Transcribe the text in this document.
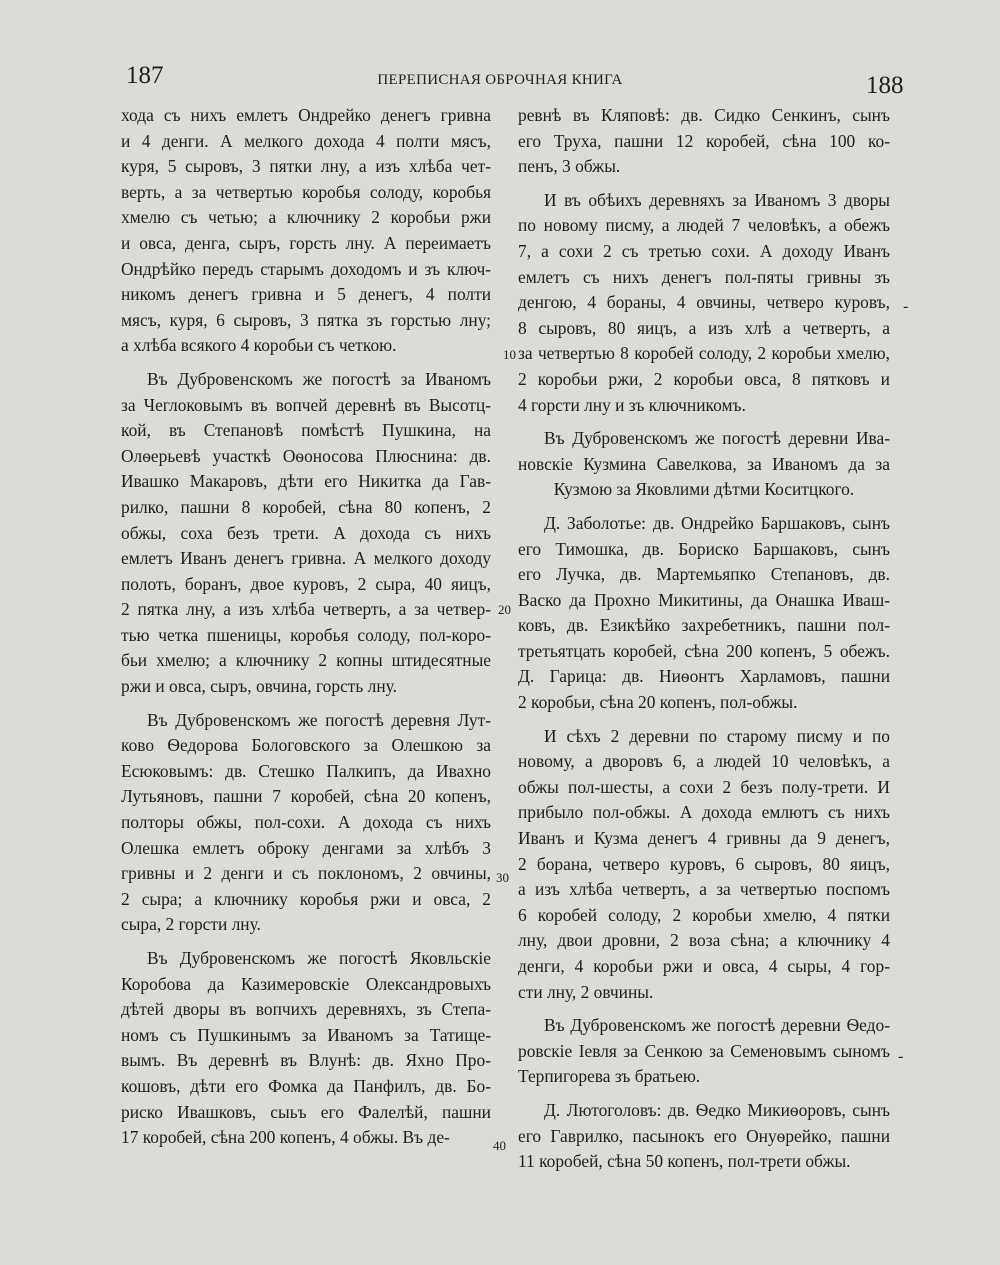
187	ПЕРЕПИСНАЯ ОБРОЧНАЯ КНИГА	188
хода съ нихъ емлетъ Ондрейко денегъ гривна
и 4 денги. А мелкого дохода 4 полти мясъ,
куря, 5 сыровъ, 3 пятки лну, а изъ хлѣба чет-
верть, а за четвертью коробья солоду, коробья
хмелю съ четью; а ключнику 2 коробьи ржи
и овса, денга, сыръ, горсть лну. А переимаетъ
Ондрѣйко передъ старымъ доходомъ и зъ ключ-
никомъ денегъ гривна и 5 денегъ, 4 полти
мясъ, куря, 6 сыровъ, 3 пятка зъ горстью лну;
а хлѣба всякого 4 коробьи съ четкою.
Въ Дубровенскомъ же погостѣ за Иваномъ
за Чеглоковымъ въ вопчей деревнѣ въ Высотц-
кой, въ Степановѣ помѣстѣ Пушкина, на
Олѳерьевѣ участкѣ Оѳоносова Плюснина: дв.
Ивашко Макаровъ, дѣти его Никитка да Гав-
рилко, пашни 8 коробей, сѣна 80 копенъ, 2
обжы, соха безъ трети. А дохода съ нихъ
емлетъ Иванъ денегъ гривна. А мелкого доходу
полоть, боранъ, двое куровъ, 2 сыра, 40 яицъ,
2 пятка лну, а изъ хлѣба четверть, а за четвер-
тью четка пшеницы, коробья солоду, пол-коро-
бьи хмелю; а ключнику 2 копны штидесятные
ржи и овса, сыръ, овчина, горсть лну.
Въ Дубровенскомъ же погостѣ деревня Лут-
ково Ѳедорова Бологовского за Олешкою за
Есюковымъ: дв. Стешко Палкипъ, да Ивахно
Лутьяновъ, пашни 7 коробей, сѣна 20 копенъ,
полторы обжы, пол-сохи. А дохода съ нихъ
Олешка емлетъ оброку денгами за хлѣбъ 3
гривны и 2 денги и съ поклономъ, 2 овчины,
2 сыра; а ключнику коробья ржи и овса, 2
сыра, 2 горсти лну.
Въ Дубровенскомъ же погостѣ Яковльскіе
Коробова да Казимеровскіе Олександровыхъ
дѣтей дворы въ вопчихъ деревняхъ, зъ Степа-
номъ съ Пушкинымъ за Иваномъ за Татище-
вымъ. Въ деревнѣ въ Влунѣ: дв. Яхно Про-
кошовъ, дѣти его Фомка да Панфилъ, дв. Бо-
риско Ивашковъ, сыьъ его Фалелѣй, пашни
17 коробей, сѣна 200 копенъ, 4 обжы. Въ де-
ревнѣ въ Кляповѣ: дв. Сидко Сенкинъ, сынъ
его Труха, пашни 12 коробей, сѣна 100 ко-
пенъ, 3 обжы.
И въ обѣихъ деревняхъ за Иваномъ 3 дворы
по новому писму, а людей 7 человѣкъ, а обежъ
7, а сохи 2 съ третью сохи. А доходу Иванъ
емлетъ съ нихъ денегъ пол-пяты гривны зъ
денгою, 4 бораны, 4 овчины, четверо куровъ,
8 сыровъ, 80 яицъ, а изъ хлѣ а четверть, а
за четвертью 8 коробей солоду, 2 коробьи хмелю,
2 коробьи ржи, 2 коробьи овса, 8 пятковъ и
4 горсти лну и зъ ключникомъ.
Въ Дубровенскомъ же погостѣ деревни Ива-
новскіе Кузмина Савелкова, за Иваномъ да за
Кузмою за Яковлими дѣтми Коситцкого.
Д. Заболотье: дв. Ондрейко Баршаковъ, сынъ
его Тимошка, дв. Бориско Баршаковъ, сынъ
его Лучка, дв. Мартемьяпко Степановъ, дв.
Васко да Прохно Микитины, да Онашка Иваш-
ковъ, дв. Езикѣйко захребетникъ, пашни пол-
третьятцать коробей, сѣна 200 копенъ, 5 обежъ.
Д. Гарица: дв. Ниѳонтъ Харламовъ, пашни
2 коробьи, сѣна 20 копенъ, пол-обжы.
И сѣхъ 2 деревни по старому писму и по
новому, а дворовъ 6, а людей 10 человѣкъ, а
обжы пол-шесты, а сохи 2 безъ полу-трети. И
прибыло пол-обжы. А дохода емлютъ съ нихъ
Иванъ и Кузма денегъ 4 гривны да 9 денегъ,
2 борана, четверо куровъ, 6 сыровъ, 80 яицъ,
а изъ хлѣба четверть, а за четвертью поспомъ
6 коробей солоду, 2 коробьи хмелю, 4 пятки
лну, двои дровни, 2 воза сѣна; а ключнику 4
денги, 4 коробьи ржи и овса, 4 сыры, 4 гор-
сти лну, 2 овчины.
Въ Дубровенскомъ же погостѣ деревни Ѳедо-
ровскіе Іевля за Сенкою за Семеновымъ сыномъ
Терпигорева зъ братьею.
Д. Лютоголовъ: дв. Ѳедко Микиѳоровъ, сынъ
его Гаврилко, пасынокъ его Онуѳрейко, пашни
11 коробей, сѣна 50 копенъ, пол-трети обжы.
10
20
30
40
-
-
